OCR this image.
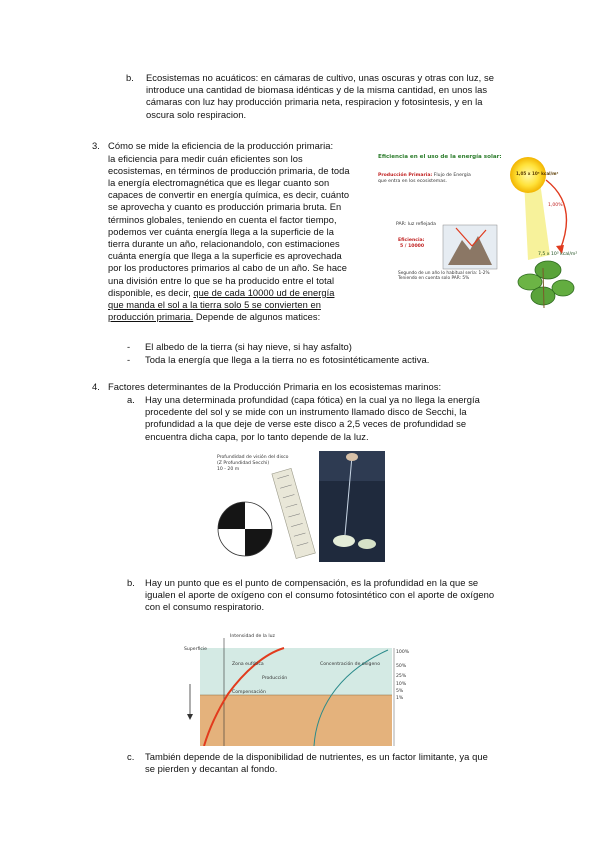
b. Ecosistemas no acuáticos: en cámaras de cultivo, unas oscuras y otras con luz, se

introduce una cantidad de biomasa idénticas y de la misma cantidad, en unos las

cámaras con luz hay producción primaria neta, respiracion y fotosintesis, y en la

oscura solo respiracion.

3. Cómo se mide la eficiencia de la producción primaria:

la eficiencia para medir cuán eficientes son los

ecosistemas, en términos de producción primaria, de toda

la energía electromagnética que es llegar cuanto son

capaces de convertir en energía química, es decir, cuánto

se aprovecha y cuanto es producción primaria bruta. En

términos globales, teniendo en cuenta el factor tiempo,

podemos ver cuánta energía llega a la superficie de la

tierra durante un año, relacionandolo, con estimaciones

cuánta energía que llega a la superficie es aprovechada

por los productores primarios al cabo de un año. Se hace

una división entre lo que se ha producido entre el total

disponible, es decir, que de cada 10000 ud de energía

que manda el sol a la tierra solo 5 se convierten en

producción primaria. Depende de algunos matices:

- El albedo de la tierra (si hay nieve, si hay asfalto)
- Toda la energía que llega a la tierra no es fotosintéticamente activa.
Eficiencia en el uso de la energía solar:
Producción Primaria: Flujo de Energía
que entra en los ecosistemas.
1,05 x 10⁶ kcal/m²
1,00%
7,5 x 10³ kcal/m²
PAR: luz reflejada
Eficiencia:
5 / 10000
Segundo de un año lo habitual sería: 1-2%
Teniendo en cuenta solo PAR: 5%
4. Factores determinantes de la Producción Primaria en los ecosistemas marinos:
a. Hay una determinada profundidad (capa fótica) en la cual ya no llega la energía

procedente del sol y se mide con un instrumento llamado disco de Secchi, la

profundidad a la que deje de verse este disco a 2,5 veces de profundidad se

encuentra dicha capa, por lo tanto depende de la luz.

Profundidad de visión del disco
(Z Profundidad Secchi)
10 - 20 m
b. Hay un punto que es el punto de compensación, es la profundidad en la que se

igualen el aporte de oxígeno con el consumo fotosintético con el aporte de oxígeno

con el consumo respiratorio.

Intensidad de la luz
Superficie
Zona eufótica
Producción
Compensación
Concentración de oxígeno
100%
50%
25%
10%
5%
1%
c. También depende de la disponibilidad de nutrientes, es un factor limitante, ya que

se pierden y decantan al fondo.
